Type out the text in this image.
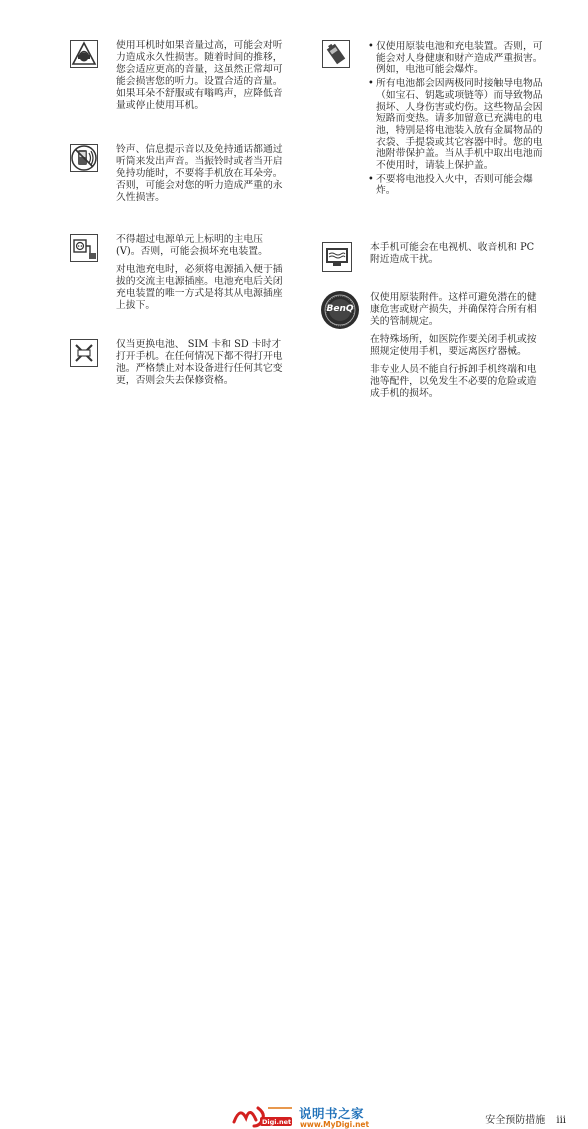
使用耳机时如果音量过高，可能会对听力造成永久性损害。随着时间的推移，您会适应更高的音量，这虽然正常却可能会损害您的听力。设置合适的音量。如果耳朵不舒服或有嗡鸣声，应降低音量或停止使用耳机。

铃声、信息提示音以及免持通话都通过听筒来发出声音。当振铃时或者当开启免持功能时，不要将手机放在耳朵旁。否则，可能会对您的听力造成严重的永久性损害。

不得超过电源单元上标明的主电压 (V)。否则，可能会损坏充电装置。

对电池充电时，必须将电源插入便于插拔的交流主电源插座。电池充电后关闭充电装置的唯一方式是将其从电源插座上拔下。

仅当更换电池、 SIM 卡和 SD 卡时才打开手机。在任何情况下都不得打开电池。严格禁止对本设备进行任何其它变更，否则会失去保修资格。

• 仅使用原装电池和充电装置。否则，可能会对人身健康和财产造成严重损害。例如，电池可能会爆炸。
• 所有电池都会因两极同时接触导电物品（如宝石、钥匙或项链等）而导致物品损坏、人身伤害或灼伤。这些物品会因短路而变热。请多加留意已充满电的电池，特别是将电池装入放有金属物品的衣袋、手提袋或其它容器中时。您的电池附带保护盖。当从手机中取出电池而不使用时，请装上保护盖。
• 不要将电池投入火中，否则可能会爆炸。

本手机可能会在电视机、收音机和 PC 附近造成干扰。

BenQ

仅使用原装附件。这样可避免潜在的健康危害或财产损失，并确保符合所有相关的管制规定。

在特殊场所，如医院作要关闭手机或按照规定使用手机，要远离医疗器械。

非专业人员不能自行拆卸手机终端和电池等配件，以免发生不必要的危险或造成手机的损坏。

Digi.net
说明书之家
www.MyDigi.net	安全预防措施 iii
